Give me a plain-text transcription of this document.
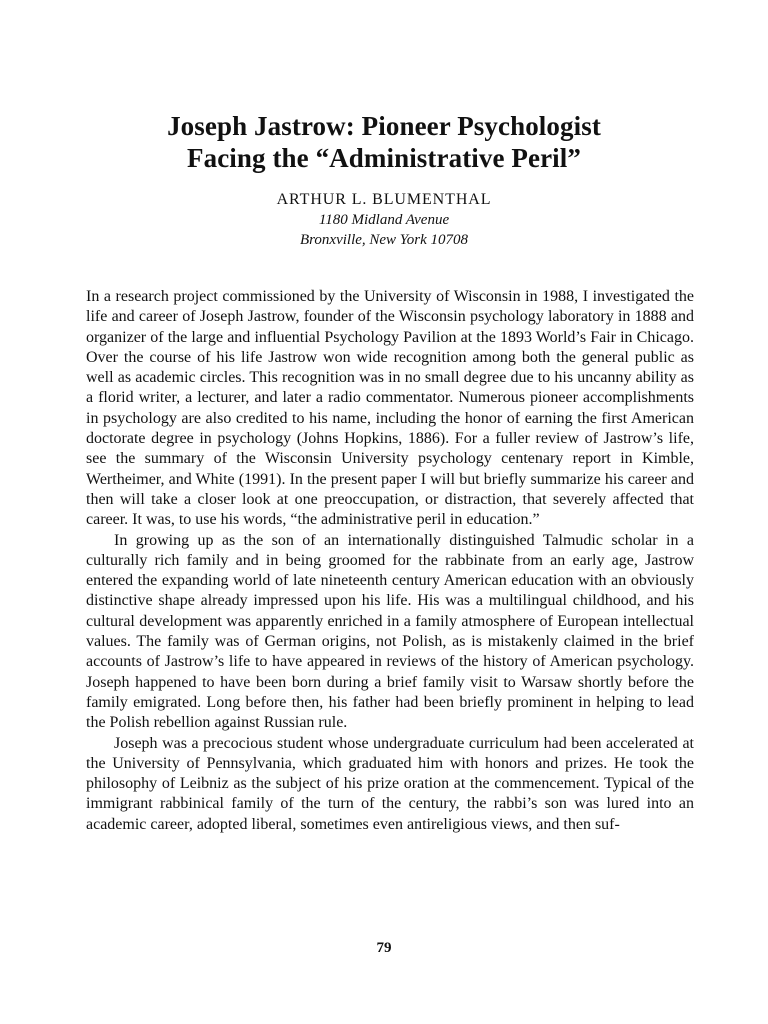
Joseph Jastrow: Pioneer Psychologist
Facing the “Administrative Peril”
ARTHUR L. BLUMENTHAL
1180 Midland Avenue
Bronxville, New York 10708

In a research project commissioned by the University of Wisconsin in 1988, I investigated the life and career of Joseph Jastrow, founder of the Wisconsin psychology laboratory in 1888 and organizer of the large and influential Psychology Pavilion at the 1893 World’s Fair in Chicago. Over the course of his life Jastrow won wide recognition among both the general public as well as academic circles. This recognition was in no small degree due to his uncanny ability as a florid writer, a lecturer, and later a radio commentator. Numerous pioneer accomplishments in psychology are also credited to his name, including the honor of earning the first American doctorate degree in psychology (Johns Hopkins, 1886). For a fuller review of Jastrow’s life, see the summary of the Wisconsin University psychology centenary report in Kimble, Wertheimer, and White (1991). In the present paper I will but briefly summarize his career and then will take a closer look at one preoccupation, or distraction, that severely affected that career. It was, to use his words, “the administrative peril in education.”

In growing up as the son of an internationally distinguished Talmudic scholar in a culturally rich family and in being groomed for the rabbinate from an early age, Jastrow entered the expanding world of late nineteenth century American education with an obviously distinctive shape already impressed upon his life. His was a multilingual childhood, and his cultural development was apparently enriched in a family atmosphere of European intellectual values. The family was of German origins, not Polish, as is mistakenly claimed in the brief accounts of Jastrow’s life to have appeared in reviews of the history of American psychology. Joseph happened to have been born during a brief family visit to Warsaw shortly before the family emigrated. Long before then, his father had been briefly prominent in helping to lead the Polish rebellion against Russian rule.

Joseph was a precocious student whose undergraduate curriculum had been accelerated at the University of Pennsylvania, which graduated him with honors and prizes. He took the philosophy of Leibniz as the subject of his prize oration at the commencement. Typical of the immigrant rabbinical family of the turn of the century, the rabbi’s son was lured into an academic career, adopted liberal, sometimes even antireligious views, and then suf-

79
